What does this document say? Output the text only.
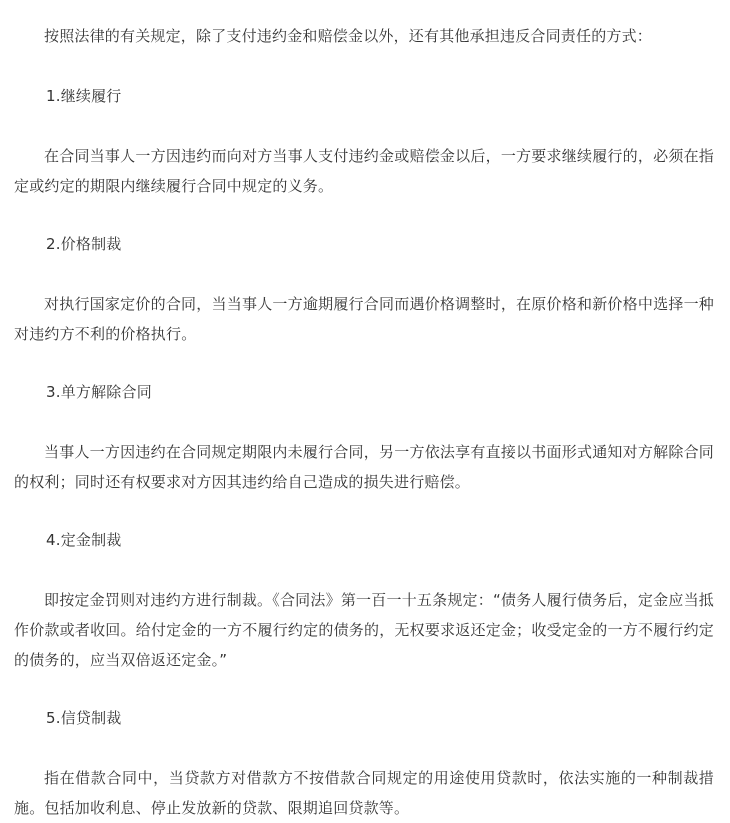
按照法律的有关规定，除了支付违约金和赔偿金以外，还有其他承担违反合同责任的方式：

1.继续履行

在合同当事人一方因违约而向对方当事人支付违约金或赔偿金以后，一方要求继续履行的，必须在指定或约定的期限内继续履行合同中规定的义务。

2.价格制裁

对执行国家定价的合同，当当事人一方逾期履行合同而遇价格调整时，在原价格和新价格中选择一种对违约方不利的价格执行。

3.单方解除合同

当事人一方因违约在合同规定期限内未履行合同，另一方依法享有直接以书面形式通知对方解除合同的权利；同时还有权要求对方因其违约给自己造成的损失进行赔偿。

4.定金制裁

即按定金罚则对违约方进行制裁。《合同法》第一百一十五条规定：“债务人履行债务后，定金应当抵作价款或者收回。给付定金的一方不履行约定的债务的，无权要求返还定金；收受定金的一方不履行约定的债务的，应当双倍返还定金。”

5.信贷制裁

指在借款合同中，当贷款方对借款方不按借款合同规定的用途使用贷款时，依法实施的一种制裁措施。包括加收利息、停止发放新的贷款、限期追回贷款等。
